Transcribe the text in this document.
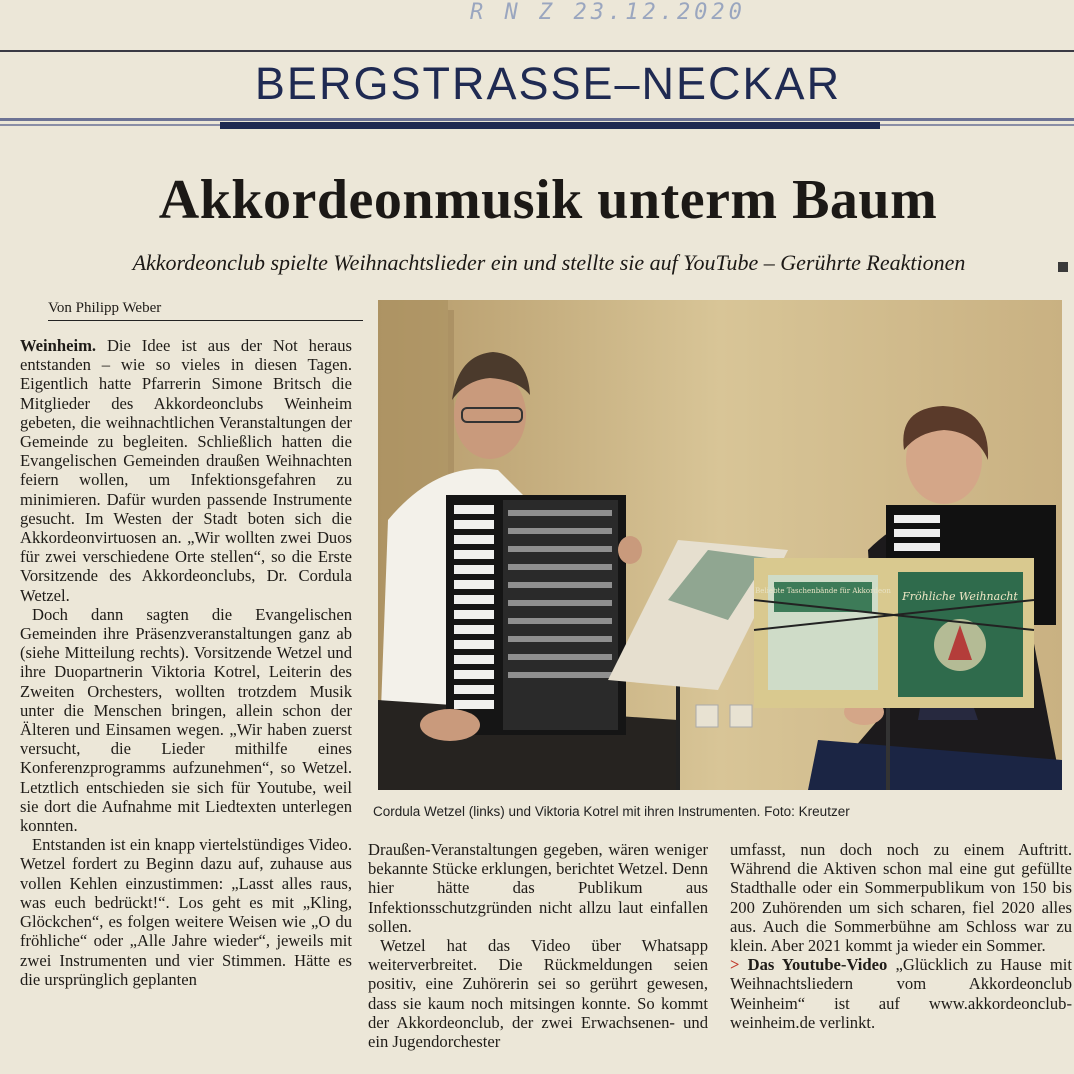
R N Z 23.12.2020
BERGSTRASSE–NECKAR
Akkordeonmusik unterm Baum
Akkordeonclub spielte Weihnachtslieder ein und stellte sie auf YouTube – Gerührte Reaktionen
Von Philipp Weber

Weinheim. Die Idee ist aus der Not heraus entstanden – wie so vieles in diesen Tagen. Eigentlich hatte Pfarrerin Simone Britsch die Mitglieder des Akkordeonclubs Weinheim gebeten, die weihnachtlichen Veranstaltungen der Gemeinde zu begleiten. Schließlich hatten die Evangelischen Gemeinden draußen Weihnachten feiern wollen, um Infektionsgefahren zu minimieren. Dafür wurden passende Instrumente gesucht. Im Westen der Stadt boten sich die Akkordeonvirtuosen an. „Wir wollten zwei Duos für zwei verschiedene Orte stellen“, so die Erste Vorsitzende des Akkordeonclubs, Dr. Cordula Wetzel.

Doch dann sagten die Evangelischen Gemeinden ihre Präsenzveranstaltungen ganz ab (siehe Mitteilung rechts). Vorsitzende Wetzel und ihre Duopartnerin Viktoria Kotrel, Leiterin des Zweiten Orchesters, wollten trotzdem Musik unter die Menschen bringen, allein schon der Älteren und Einsamen wegen. „Wir haben zuerst versucht, die Lieder mithilfe eines Konferenzprogramms aufzunehmen“, so Wetzel. Letztlich entschieden sie sich für Youtube, weil sie dort die Aufnahme mit Liedtexten unterlegen konnten.

Entstanden ist ein knapp viertelstündiges Video. Wetzel fordert zu Beginn dazu auf, zuhause aus vollen Kehlen einzustimmen: „Lasst alles raus, was euch bedrückt!“. Los geht es mit „Kling, Glöckchen“, es folgen weitere Weisen wie „O du fröhliche“ oder „Alle Jahre wieder“, jeweils mit zwei Instrumenten und vier Stimmen. Hätte es die ursprünglich geplanten

Beliebte Taschenbände für Akkordeon Fröhliche Weihnacht
Cordula Wetzel (links) und Viktoria Kotrel mit ihren Instrumenten. Foto: Kreutzer

Draußen-Veranstaltungen gegeben, wären weniger bekannte Stücke erklungen, berichtet Wetzel. Denn hier hätte das Publikum aus Infektionsschutzgründen nicht allzu laut einfallen sollen.

Wetzel hat das Video über Whatsapp weiterverbreitet. Die Rückmeldungen seien positiv, eine Zuhörerin sei so gerührt gewesen, dass sie kaum noch mitsingen konnte. So kommt der Akkordeonclub, der zwei Erwachsenen- und ein Jugendorchester

umfasst, nun doch noch zu einem Auftritt. Während die Aktiven schon mal eine gut gefüllte Stadthalle oder ein Sommerpublikum von 150 bis 200 Zuhörenden um sich scharen, fiel 2020 alles aus. Auch die Sommerbühne am Schloss war zu klein. Aber 2021 kommt ja wieder ein Sommer.

> Das Youtube-Video „Glücklich zu Hause mit Weihnachtsliedern vom Akkordeonclub Weinheim“ ist auf www.akkordeonclub-weinheim.de verlinkt.
